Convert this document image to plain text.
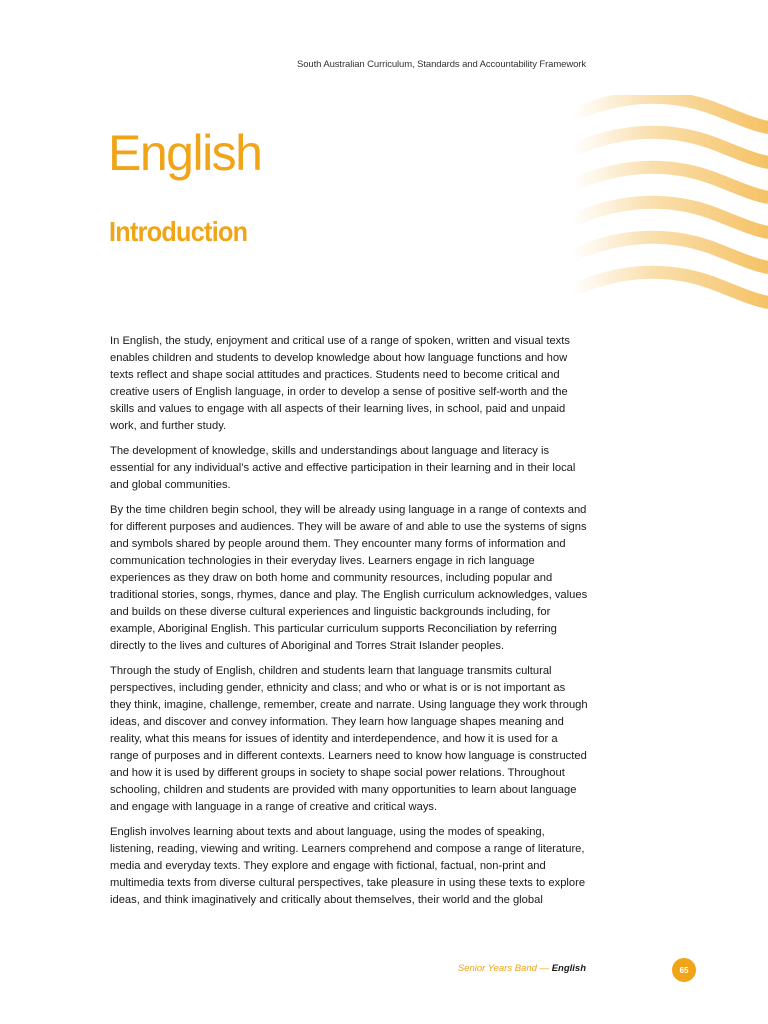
South Australian Curriculum, Standards and Accountability Framework
English
Introduction

In English, the study, enjoyment and critical use of a range of spoken, written and visual texts enables children and students to develop knowledge about how language functions and how texts reflect and shape social attitudes and practices. Students need to become critical and creative users of English language, in order to develop a sense of positive self-worth and the skills and values to engage with all aspects of their learning lives, in school, paid and unpaid work, and further study.

The development of knowledge, skills and understandings about language and literacy is essential for any individual’s active and effective participation in their learning and in their local and global communities.

By the time children begin school, they will be already using language in a range of contexts and for different purposes and audiences. They will be aware of and able to use the systems of signs and symbols shared by people around them. They encounter many forms of information and communication technologies in their everyday lives. Learners engage in rich language experiences as they draw on both home and community resources, including popular and traditional stories, songs, rhymes, dance and play. The English curriculum acknowledges, values and builds on these diverse cultural experiences and linguistic backgrounds including, for example, Aboriginal English. This particular curriculum supports Reconciliation by referring directly to the lives and cultures of Aboriginal and Torres Strait Islander peoples.

Through the study of English, children and students learn that language transmits cultural perspectives, including gender, ethnicity and class; and who or what is or is not important as they think, imagine, challenge, remember, create and narrate. Using language they work through ideas, and discover and convey information. They learn how language shapes meaning and reality, what this means for issues of identity and interdependence, and how it is used for a range of purposes and in different contexts. Learners need to know how language is constructed and how it is used by different groups in society to shape social power relations. Throughout schooling, children and students are provided with many opportunities to learn about language and engage with language in a range of creative and critical ways.

English involves learning about texts and about language, using the modes of speaking, listening, reading, viewing and writing. Learners comprehend and compose a range of literature, media and everyday texts. They explore and engage with fictional, factual, non-print and multimedia texts from diverse cultural perspectives, take pleasure in using these texts to explore ideas, and think imaginatively and critically about themselves, their world and the global

Senior Years Band — English	65
